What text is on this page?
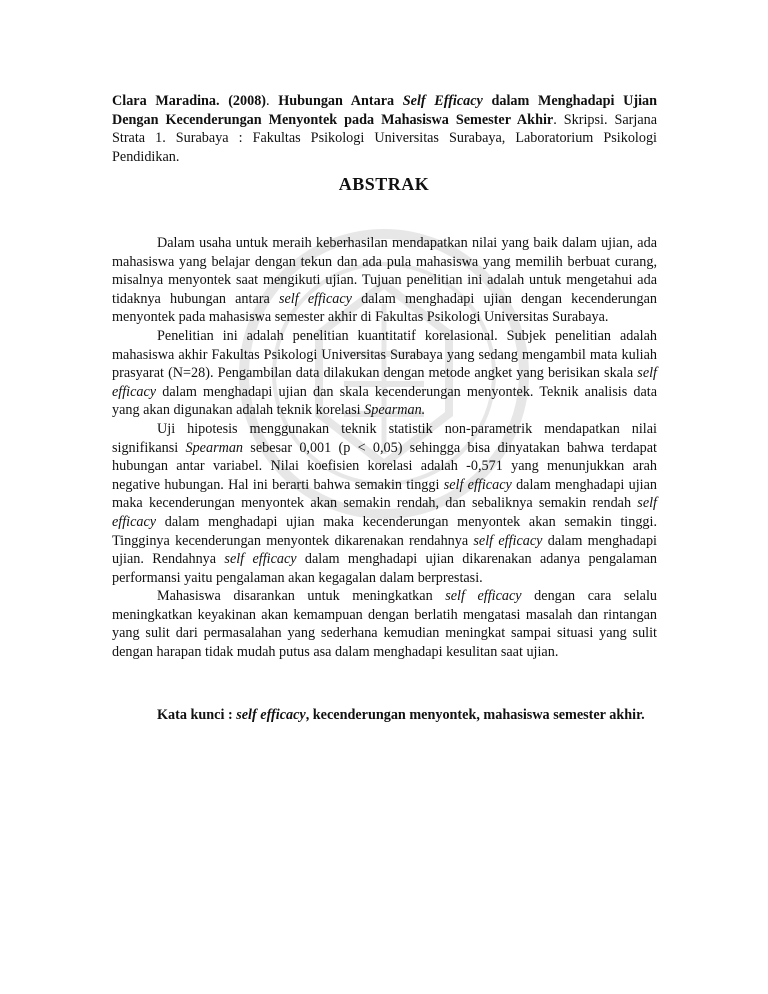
Clara Maradina. (2008). Hubungan Antara Self Efficacy dalam Menghadapi Ujian Dengan Kecenderungan Menyontek pada Mahasiswa Semester Akhir. Skripsi. Sarjana Strata 1. Surabaya : Fakultas Psikologi Universitas Surabaya, Laboratorium Psikologi Pendidikan.
ABSTRAK

Dalam usaha untuk meraih keberhasilan mendapatkan nilai yang baik dalam ujian, ada mahasiswa yang belajar dengan tekun dan ada pula mahasiswa yang memilih berbuat curang, misalnya menyontek saat mengikuti ujian. Tujuan penelitian ini adalah untuk mengetahui ada tidaknya hubungan antara self efficacy dalam menghadapi ujian dengan kecenderungan menyontek pada mahasiswa semester akhir di Fakultas Psikologi Universitas Surabaya.

Penelitian ini adalah penelitian kuantitatif korelasional. Subjek penelitian adalah mahasiswa akhir Fakultas Psikologi Universitas Surabaya yang sedang mengambil mata kuliah prasyarat (N=28). Pengambilan data dilakukan dengan metode angket yang berisikan skala self efficacy dalam menghadapi ujian dan skala kecenderungan menyontek. Teknik analisis data yang akan digunakan adalah teknik korelasi Spearman.

Uji hipotesis menggunakan teknik statistik non-parametrik mendapatkan nilai signifikansi Spearman sebesar 0,001 (p < 0,05) sehingga bisa dinyatakan bahwa terdapat hubungan antar variabel. Nilai koefisien korelasi adalah -0,571 yang menunjukkan arah negative hubungan. Hal ini berarti bahwa semakin tinggi self efficacy dalam menghadapi ujian maka kecenderungan menyontek akan semakin rendah, dan sebaliknya semakin rendah self efficacy dalam menghadapi ujian maka kecenderungan menyontek akan semakin tinggi. Tingginya kecenderungan menyontek dikarenakan rendahnya self efficacy dalam menghadapi ujian. Rendahnya self efficacy dalam menghadapi ujian dikarenakan adanya pengalaman performansi yaitu pengalaman akan kegagalan dalam berprestasi.

Mahasiswa disarankan untuk meningkatkan self efficacy dengan cara selalu meningkatkan keyakinan akan kemampuan dengan berlatih mengatasi masalah dan rintangan yang sulit dari permasalahan yang sederhana kemudian meningkat sampai situasi yang sulit dengan harapan tidak mudah putus asa dalam menghadapi kesulitan saat ujian.

Kata kunci : self efficacy, kecenderungan menyontek, mahasiswa semester akhir.
